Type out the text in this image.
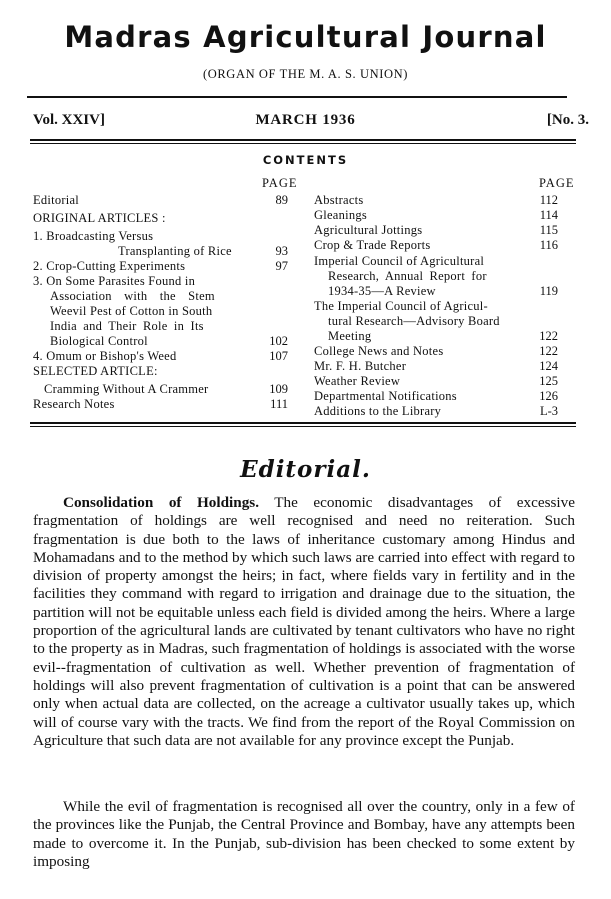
Madras Agricultural Journal
(ORGAN OF THE M. A. S. UNION)
Vol. XXIV]	MARCH 1936	[No. 3.
CONTENTS
PAGE	PAGE
Editorial	89
ORIGINAL ARTICLES :
1. Broadcasting Versus
Transplanting of Rice	93
2. Crop-Cutting Experiments	97
3. On Some Parasites Found in
Association with the Stem
Weevil Pest of Cotton in South
India and Their Role in Its
Biological Control	102
4. Omum or Bishop's Weed	107
SELECTED ARTICLE:
Cramming Without A Crammer	109
Research Notes	111
Abstracts	112
Gleanings	114
Agricultural Jottings	115
Crop & Trade Reports	116
Imperial Council of Agricultural
Research, Annual Report for
1934-35—A Review	119
The Imperial Council of Agricul-
tural Research—Advisory Board
Meeting	122
College News and Notes	122
Mr. F. H. Butcher	124
Weather Review	125
Departmental Notifications	126
Additions to the Library	L-3
Editorial.
Consolidation of Holdings. The economic disadvantages of excessive fragmentation of holdings are well recognised and need no reiteration. Such fragmentation is due both to the laws of inheritance customary among Hindus and Mohamadans and to the method by which such laws are carried into effect with regard to division of property amongst the heirs; in fact, where fields vary in fertility and in the facilities they command with regard to irrigation and drainage due to the situation, the partition will not be equitable unless each field is divided among the heirs. Where a large proportion of the agricultural lands are cultivated by tenant cultivators who have no right to the property as in Madras, such fragmentation of holdings is associated with the worse evil--fragmentation of cultivation as well. Whether prevention of fragmentation of holdings will also prevent fragmentation of cultivation is a point that can be answered only when actual data are collected, on the acreage a cultivator usually takes up, which will of course vary with the tracts. We find from the report of the Royal Commission on Agriculture that such data are not available for any province except the Punjab.
While the evil of fragmentation is recognised all over the country, only in a few of the provinces like the Punjab, the Central Province and Bombay, have any attempts been made to overcome it. In the Punjab, sub-division has been checked to some extent by imposing
